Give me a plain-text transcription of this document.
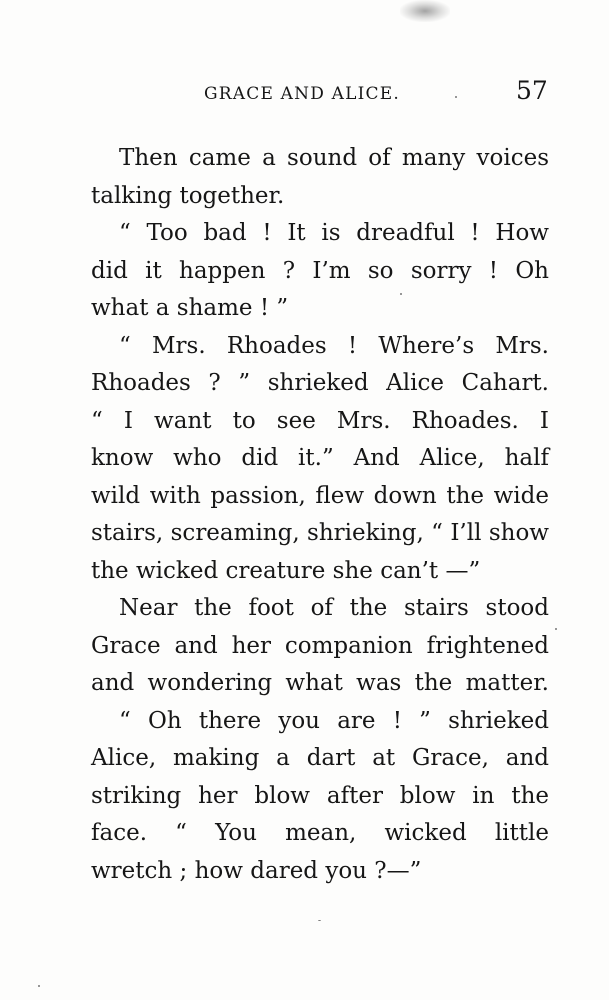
GRACE AND ALICE.	57
Then came a sound of many voices
talking together.
“ Too bad ! It is dreadful ! How
did it happen ? I’m so sorry ! Oh
what a shame ! ”
“ Mrs. Rhoades ! Where’s Mrs.
Rhoades ? ” shrieked Alice Cahart.
“ I want to see Mrs. Rhoades. I
know who did it.” And Alice, half
wild with passion, flew down the wide
stairs, screaming, shrieking, “ I’ll show
the wicked creature she can’t —”
Near the foot of the stairs stood
Grace and her companion frightened
and wondering what was the matter.
“ Oh there you are ! ” shrieked
Alice, making a dart at Grace, and
striking her blow after blow in the
face. “ You mean, wicked little
wretch ; how dared you ?—”
